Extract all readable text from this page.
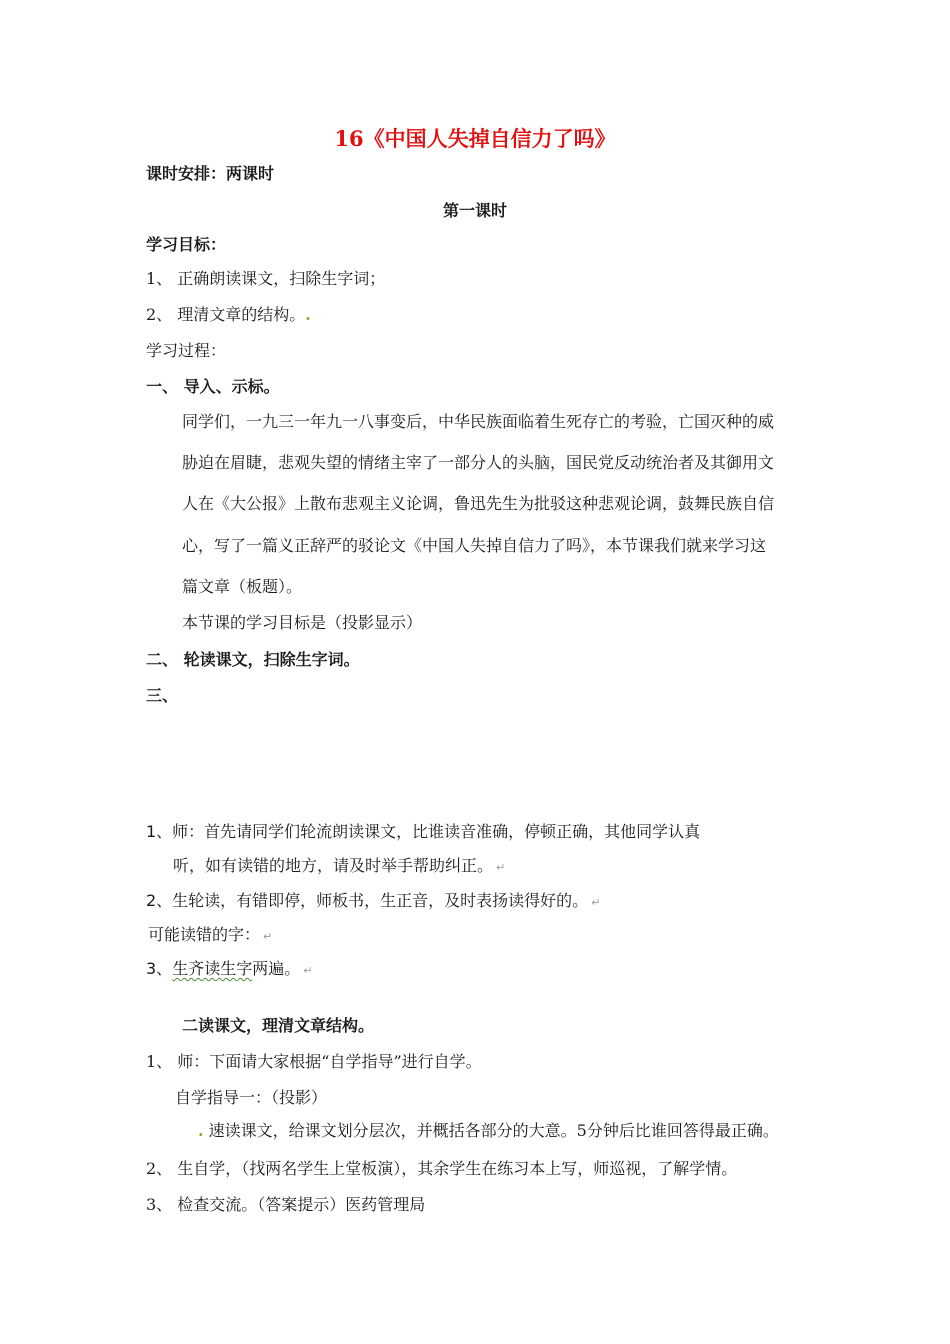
16《中国人失掉自信力了吗》
课时安排：两课时
第一课时
学习目标：
1、 正确朗读课文，扫除生字词；
2、 理清文章的结构。.
学习过程：
一、 导入、示标。
同学们，一九三一年九一八事变后，中华民族面临着生死存亡的考验，亡国灭种的威
胁迫在眉睫，悲观失望的情绪主宰了一部分人的头脑，国民党反动统治者及其御用文
人在《大公报》上散布悲观主义论调，鲁迅先生为批驳这种悲观论调，鼓舞民族自信
心，写了一篇义正辞严的驳论文《中国人失掉自信力了吗》，本节课我们就来学习这
篇文章（板题）。
本节课的学习目标是（投影显示）
二、 轮读课文，扫除生字词。
三、
1、师：首先请同学们轮流朗读课文，比谁读音准确，停顿正确，其他同学认真
听，如有读错的地方，请及时举手帮助纠正。 ↵
2、生轮读，有错即停，师板书，生正音，及时表扬读得好的。 ↵
可能读错的字： ↵
3、生齐读生字两遍。 ↵
二读课文，理清文章结构。
1、 师：下面请大家根据“自学指导”进行自学。
自学指导一：（投影）
. 速读课文，给课文划分层次，并概括各部分的大意。5分钟后比谁回答得最正确。
2、 生自学，（找两名学生上堂板演），其余学生在练习本上写，师巡视，了解学情。
3、 检查交流。（答案提示）医药管理局
